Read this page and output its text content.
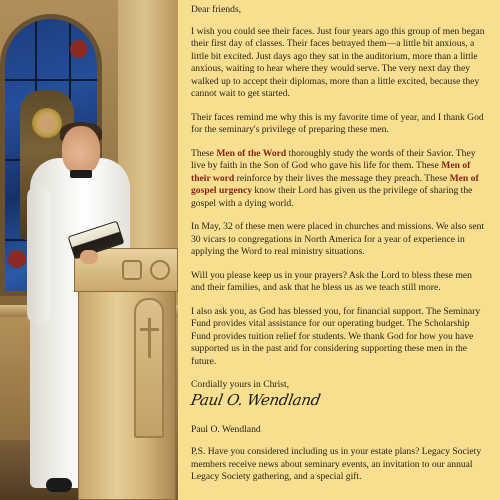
Dear friends,

I wish you could see their faces. Just four years ago this group of men began their first day of classes. Their faces betrayed them—a little bit anxious, a little bit excited. Just days ago they sat in the auditorium, more than a little anxious, waiting to hear where they would serve. The very next day they walked up to accept their diplomas, more than a little excited, because they cannot wait to get started.

Their faces remind me why this is my favorite time of year, and I thank God for the seminary's privilege of preparing these men.

These Men of the Word thoroughly study the words of their Savior. They live by faith in the Son of God who gave his life for them. These Men of their word reinforce by their lives the message they preach. These Men of gospel urgency know their Lord has given us the privilege of sharing the gospel with a dying world.

In May, 32 of these men were placed in churches and missions. We also sent 30 vicars to congregations in North America for a year of experience in applying the Word to real ministry situations.

Will you please keep us in your prayers? Ask the Lord to bless these men and their families, and ask that he bless us as we teach still more.

I also ask you, as God has blessed you, for financial support. The Seminary Fund provides vital assistance for our operating budget. The Scholarship Fund provides tuition relief for students. We thank God for how you have supported us in the past and for considering supporting these men in the future.

Cordially yours in Christ,

Paul O. Wendland

Paul O. Wendland

P.S. Have you considered including us in your estate plans? Legacy Society members receive news about seminary events, an invitation to our annual Legacy Society gathering, and a special gift.
